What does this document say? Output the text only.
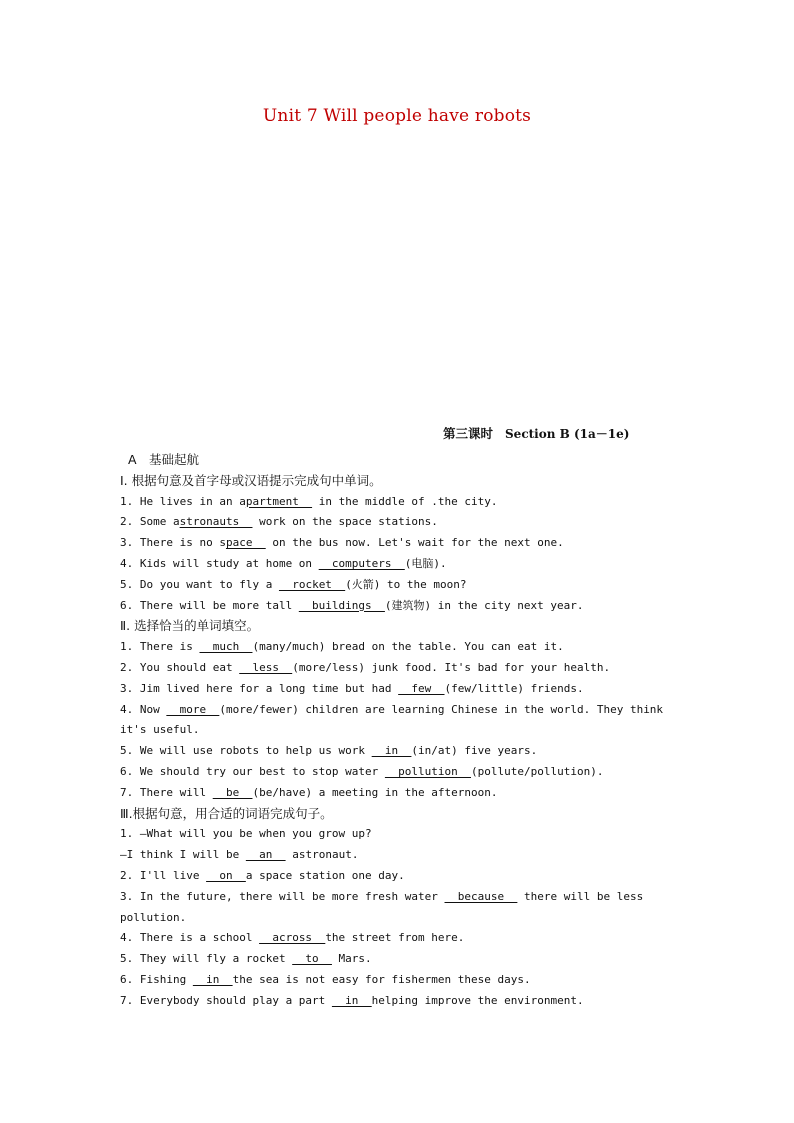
Unit 7 Will people have robots
第三课时 Section B (1a－1e)
A　基础起航
Ⅰ. 根据句意及首字母或汉语提示完成句中单词。
1. He lives in an apartment   in the middle of .the city.
2. Some astronauts   work on the space stations.
3. There is no space   on the bus now. Let's wait for the next one.
4. Kids will study at home on   computers  (电脑).
5. Do you want to fly a   rocket  (火箭) to the moon?
6. There will be more tall   buildings  (建筑物) in the city next year.
Ⅱ. 选择恰当的单词填空。
1. There is   much  (many/much) bread on the table. You can eat it.
2. You should eat   less  (more/less) junk food. It's bad for your health.
3. Jim lived here for a long time but had   few  (few/little) friends.
4. Now   more  (more/fewer) children are learning Chinese in the world. They think
it's useful.
5. We will use robots to help us work   in  (in/at) five years.
6. We should try our best to stop water   pollution  (pollute/pollution).
7. There will   be  (be/have) a meeting in the afternoon.
Ⅲ.根据句意，用合适的词语完成句子。
1. —What will you be when you grow up?
—I think I will be   an   astronaut.
2. I'll live   on  a space station one day.
3. In the future, there will be more fresh water   because   there will be less
pollution.
4. There is a school   across  the street from here.
5. They will fly a rocket   to   Mars.
6. Fishing   in  the sea is not easy for fishermen these days.
7. Everybody should play a part   in  helping improve the environment.
